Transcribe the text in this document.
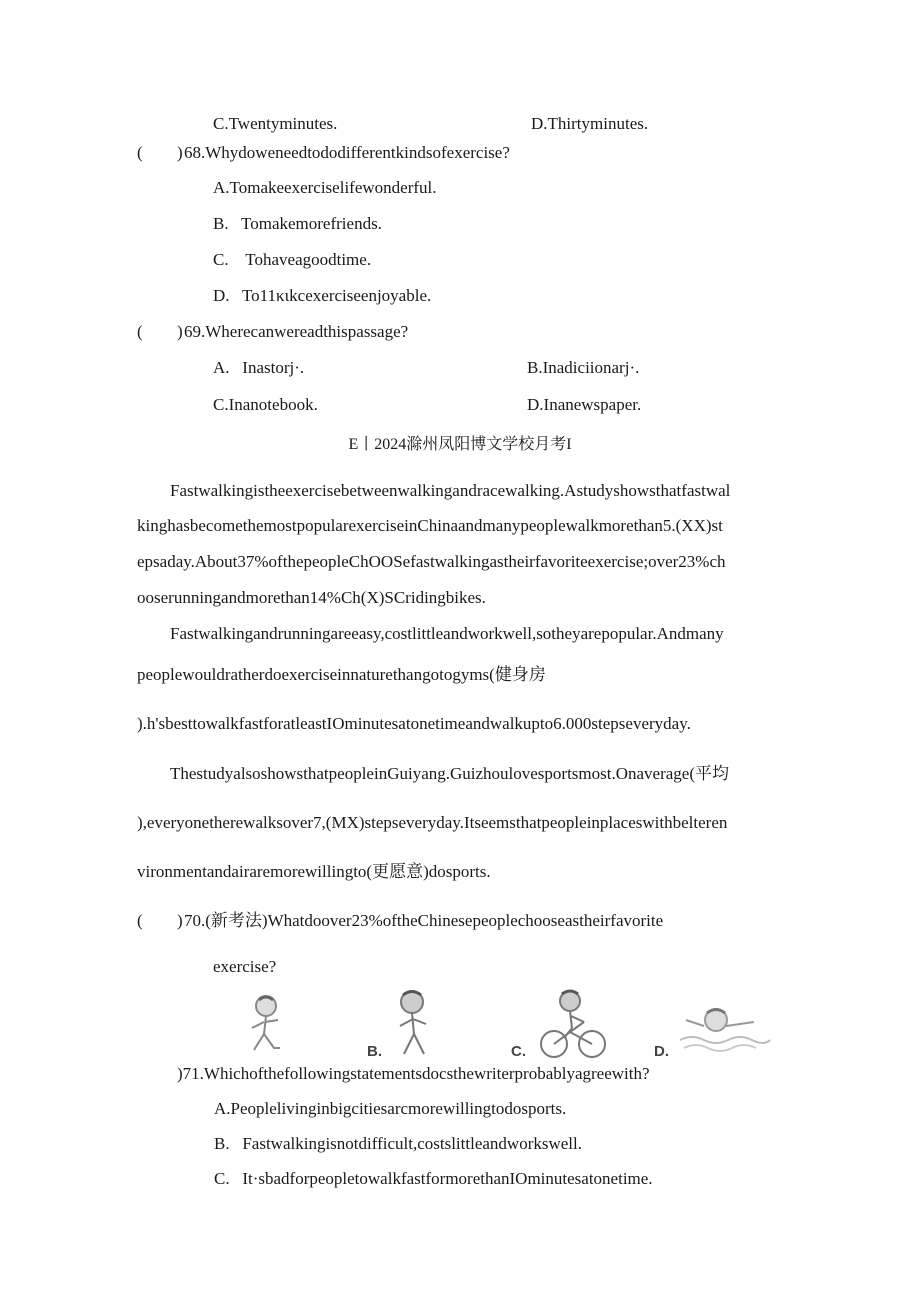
C.Twentyminutes.	D.Thirtyminutes.
( ) 68.Whydoweneedtododifferentkindsofexercise?
A.Tomakeexerciselifewonderful.
B.   Tomakemorefriends.
C.    Tohaveagoodtime.
D.   To11κιkcexerciseenjoyable.
( ) 69.Wherecanwereadthispassage?
A.   Inastorj·.	B.Inadiciionarj·.
C.Inanotebook.	D.Inanewspaper.
E丨2024滁州凤阳博文学校月考I
Fastwalkingistheexercisebetweenwalkingandracewalking.Astudyshowsthatfastwal
kinghasbecomethemostpopularexerciseinChinaandmanypeoplewalkmorethan5.(XX)st
epsaday.About37%ofthepeopleChOOSefastwalkingastheirfavoriteexercise;over23%ch
ooserunningandmorethan14%Ch(X)SCridingbikes.
Fastwalkingandrunningareeasy,costlittleandworkwell,sotheyarepopular.Andmany
peoplewouldratherdoexerciseinnaturethangotogyms(健身房
).h'sbesttowalkfastforatleastIOminutesatonetimeandwalkupto6.000stepseveryday.
ThestudyalsoshowsthatpeopleinGuiyang.Guizhoulovesportsmost.Onaverage(平均
),everyonetherewalksover7,(MX)stepseveryday.Itseemsthatpeopleinplaceswithbelteren
vironmentandairaremorewillingto(更愿意)dosports.
( ) 70.(新考法)Whatdoover23%oftheChinesepeoplechooseastheirfavorite
exercise?
B.	C.	D.
)71.Whichofthefollowingstatementsdocsthewriterprobablyagreewith?
A.Peoplelivinginbigcitiesarcmorewillingtodosports.
B.   Fastwalkingisnotdifficult,costslittleandworkswell.
C.   It·sbadforpeopletowalkfastformorethanIOminutesatonetime.
